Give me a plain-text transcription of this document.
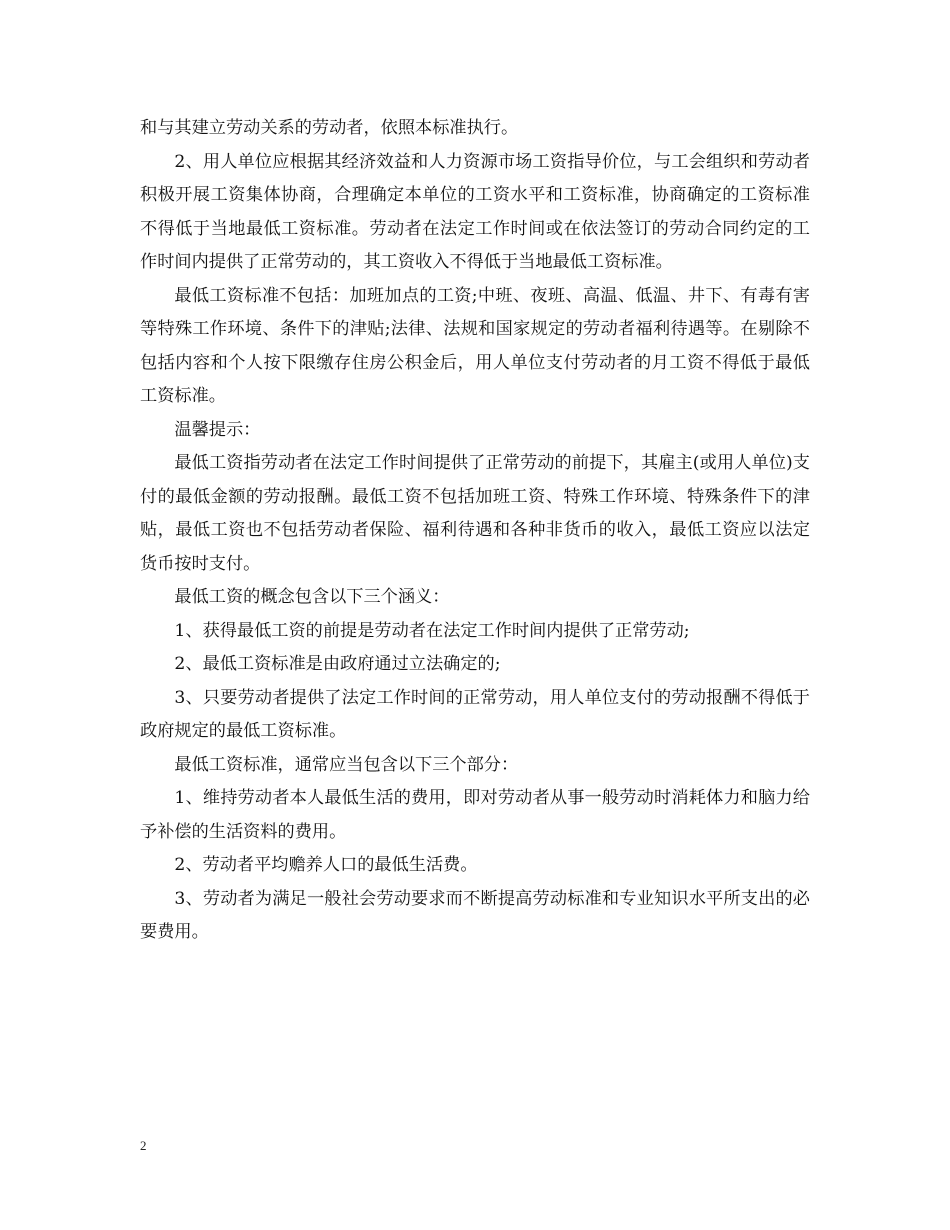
和与其建立劳动关系的劳动者，依照本标准执行。

2、用人单位应根据其经济效益和人力资源市场工资指导价位，与工会组织和劳动者积极开展工资集体协商，合理确定本单位的工资水平和工资标准，协商确定的工资标准不得低于当地最低工资标准。劳动者在法定工作时间或在依法签订的劳动合同约定的工作时间内提供了正常劳动的，其工资收入不得低于当地最低工资标准。

最低工资标准不包括：加班加点的工资;中班、夜班、高温、低温、井下、有毒有害等特殊工作环境、条件下的津贴;法律、法规和国家规定的劳动者福利待遇等。在剔除不包括内容和个人按下限缴存住房公积金后，用人单位支付劳动者的月工资不得低于最低工资标准。

温馨提示：

最低工资指劳动者在法定工作时间提供了正常劳动的前提下，其雇主(或用人单位)支付的最低金额的劳动报酬。最低工资不包括加班工资、特殊工作环境、特殊条件下的津贴，最低工资也不包括劳动者保险、福利待遇和各种非货币的收入，最低工资应以法定货币按时支付。

最低工资的概念包含以下三个涵义：

1、获得最低工资的前提是劳动者在法定工作时间内提供了正常劳动;

2、最低工资标准是由政府通过立法确定的;

3、只要劳动者提供了法定工作时间的正常劳动，用人单位支付的劳动报酬不得低于政府规定的最低工资标准。

最低工资标准，通常应当包含以下三个部分：

1、维持劳动者本人最低生活的费用，即对劳动者从事一般劳动时消耗体力和脑力给予补偿的生活资料的费用。

2、劳动者平均赡养人口的最低生活费。

3、劳动者为满足一般社会劳动要求而不断提高劳动标准和专业知识水平所支出的必要费用。

2
